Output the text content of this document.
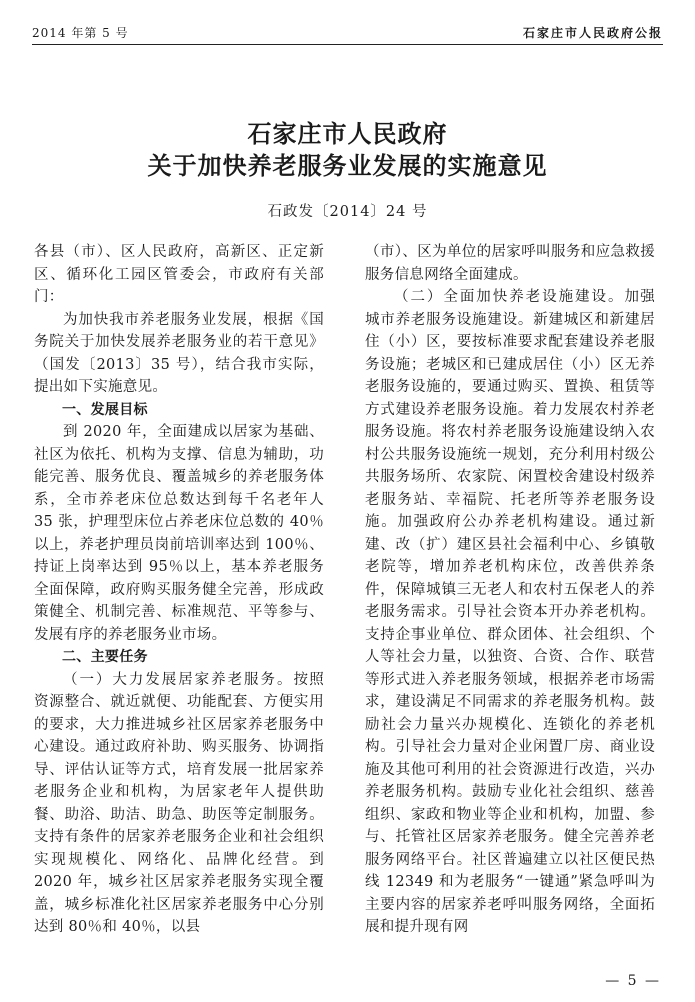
2014 年第 5 号	石家庄市人民政府公报
石家庄市人民政府
关于加快养老服务业发展的实施意见
石政发〔2014〕24 号

各县（市）、区人民政府，高新区、正定新区、循环化工园区管委会，市政府有关部门：

为加快我市养老服务业发展，根据《国务院关于加快发展养老服务业的若干意见》（国发〔2013〕35 号），结合我市实际，提出如下实施意见。

一、发展目标

到 2020 年，全面建成以居家为基础、社区为依托、机构为支撑、信息为辅助，功能完善、服务优良、覆盖城乡的养老服务体系，全市养老床位总数达到每千名老年人 35 张，护理型床位占养老床位总数的 40％以上，养老护理员岗前培训率达到 100％、持证上岗率达到 95％以上，基本养老服务全面保障，政府购买服务健全完善，形成政策健全、机制完善、标准规范、平等参与、发展有序的养老服务业市场。

二、主要任务

（一）大力发展居家养老服务。按照资源整合、就近就便、功能配套、方便实用的要求，大力推进城乡社区居家养老服务中心建设。通过政府补助、购买服务、协调指导、评估认证等方式，培育发展一批居家养老服务企业和机构，为居家老年人提供助餐、助浴、助洁、助急、助医等定制服务。支持有条件的居家养老服务企业和社会组织实现规模化、网络化、品牌化经营。到 2020 年，城乡社区居家养老服务实现全覆盖，城乡标准化社区居家养老服务中心分别达到 80％和 40％，以县

（市）、区为单位的居家呼叫服务和应急救援服务信息网络全面建成。

（二）全面加快养老设施建设。加强城市养老服务设施建设。新建城区和新建居住（小）区，要按标准要求配套建设养老服务设施；老城区和已建成居住（小）区无养老服务设施的，要通过购买、置换、租赁等方式建设养老服务设施。着力发展农村养老服务设施。将农村养老服务设施建设纳入农村公共服务设施统一规划，充分利用村级公共服务场所、农家院、闲置校舍建设村级养老服务站、幸福院、托老所等养老服务设施。加强政府公办养老机构建设。通过新建、改（扩）建区县社会福利中心、乡镇敬老院等，增加养老机构床位，改善供养条件，保障城镇三无老人和农村五保老人的养老服务需求。引导社会资本开办养老机构。支持企事业单位、群众团体、社会组织、个人等社会力量，以独资、合资、合作、联营等形式进入养老服务领域，根据养老市场需求，建设满足不同需求的养老服务机构。鼓励社会力量兴办规模化、连锁化的养老机构。引导社会力量对企业闲置厂房、商业设施及其他可利用的社会资源进行改造，兴办养老服务机构。鼓励专业化社会组织、慈善组织、家政和物业等企业和机构，加盟、参与、托管社区居家养老服务。健全完善养老服务网络平台。社区普遍建立以社区便民热线 12349 和为老服务“一键通”紧急呼叫为主要内容的居家养老呼叫服务网络，全面拓展和提升现有网

— 5 —
